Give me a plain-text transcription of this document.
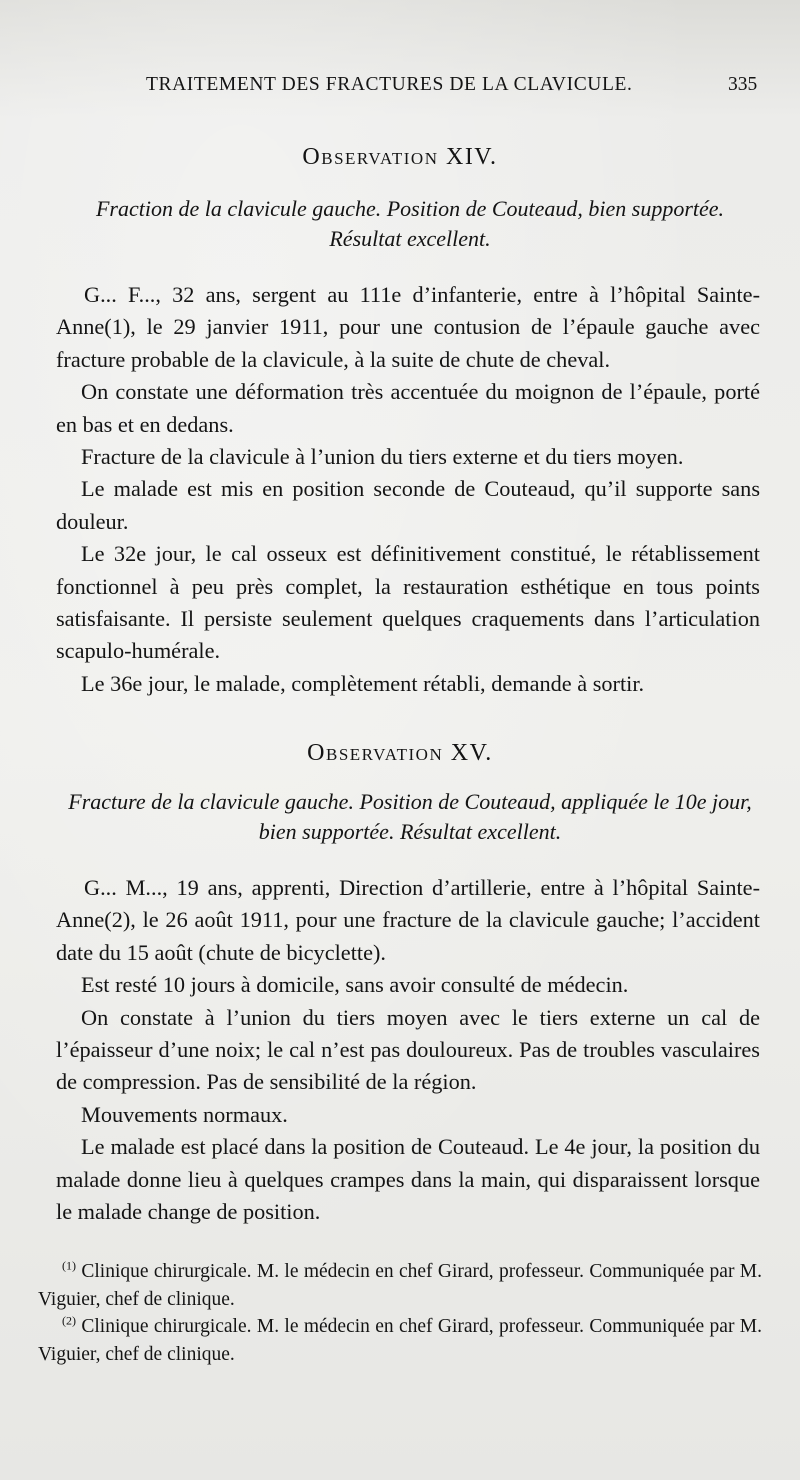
TRAITEMENT DES FRACTURES DE LA CLAVICULE.	335
Observation XIV.
Fraction de la clavicule gauche. Position de Couteaud, bien supportée.
Résultat excellent.

G... F..., 32 ans, sergent au 111e d’infanterie, entre à l’hôpital Sainte-Anne(1), le 29 janvier 1911, pour une contusion de l’épaule gauche avec fracture probable de la clavicule, à la suite de chute de cheval.

On constate une déformation très accentuée du moignon de l’épaule, porté en bas et en dedans.

Fracture de la clavicule à l’union du tiers externe et du tiers moyen.

Le malade est mis en position seconde de Couteaud, qu’il supporte sans douleur.

Le 32e jour, le cal osseux est définitivement constitué, le rétablissement fonctionnel à peu près complet, la restauration esthétique en tous points satisfaisante. Il persiste seulement quelques craquements dans l’articulation scapulo-humérale.

Le 36e jour, le malade, complètement rétabli, demande à sortir.

Observation XV.
Fracture de la clavicule gauche. Position de Couteaud, appliquée le 10e jour,
bien supportée. Résultat excellent.

G... M..., 19 ans, apprenti, Direction d’artillerie, entre à l’hôpital Sainte-Anne(2), le 26 août 1911, pour une fracture de la clavicule gauche; l’accident date du 15 août (chute de bicyclette).

Est resté 10 jours à domicile, sans avoir consulté de médecin.

On constate à l’union du tiers moyen avec le tiers externe un cal de l’épaisseur d’une noix; le cal n’est pas douloureux. Pas de troubles vasculaires de compression. Pas de sensibilité de la région.

Mouvements normaux.

Le malade est placé dans la position de Couteaud. Le 4e jour, la position du malade donne lieu à quelques crampes dans la main, qui disparaissent lorsque le malade change de position.

$^{(1)}$ Clinique chirurgicale. M. le médecin en chef Girard, professeur. Communiquée par M. Viguier, chef de clinique.

$^{(2)}$ Clinique chirurgicale. M. le médecin en chef Girard, professeur. Communiquée par M. Viguier, chef de clinique.
